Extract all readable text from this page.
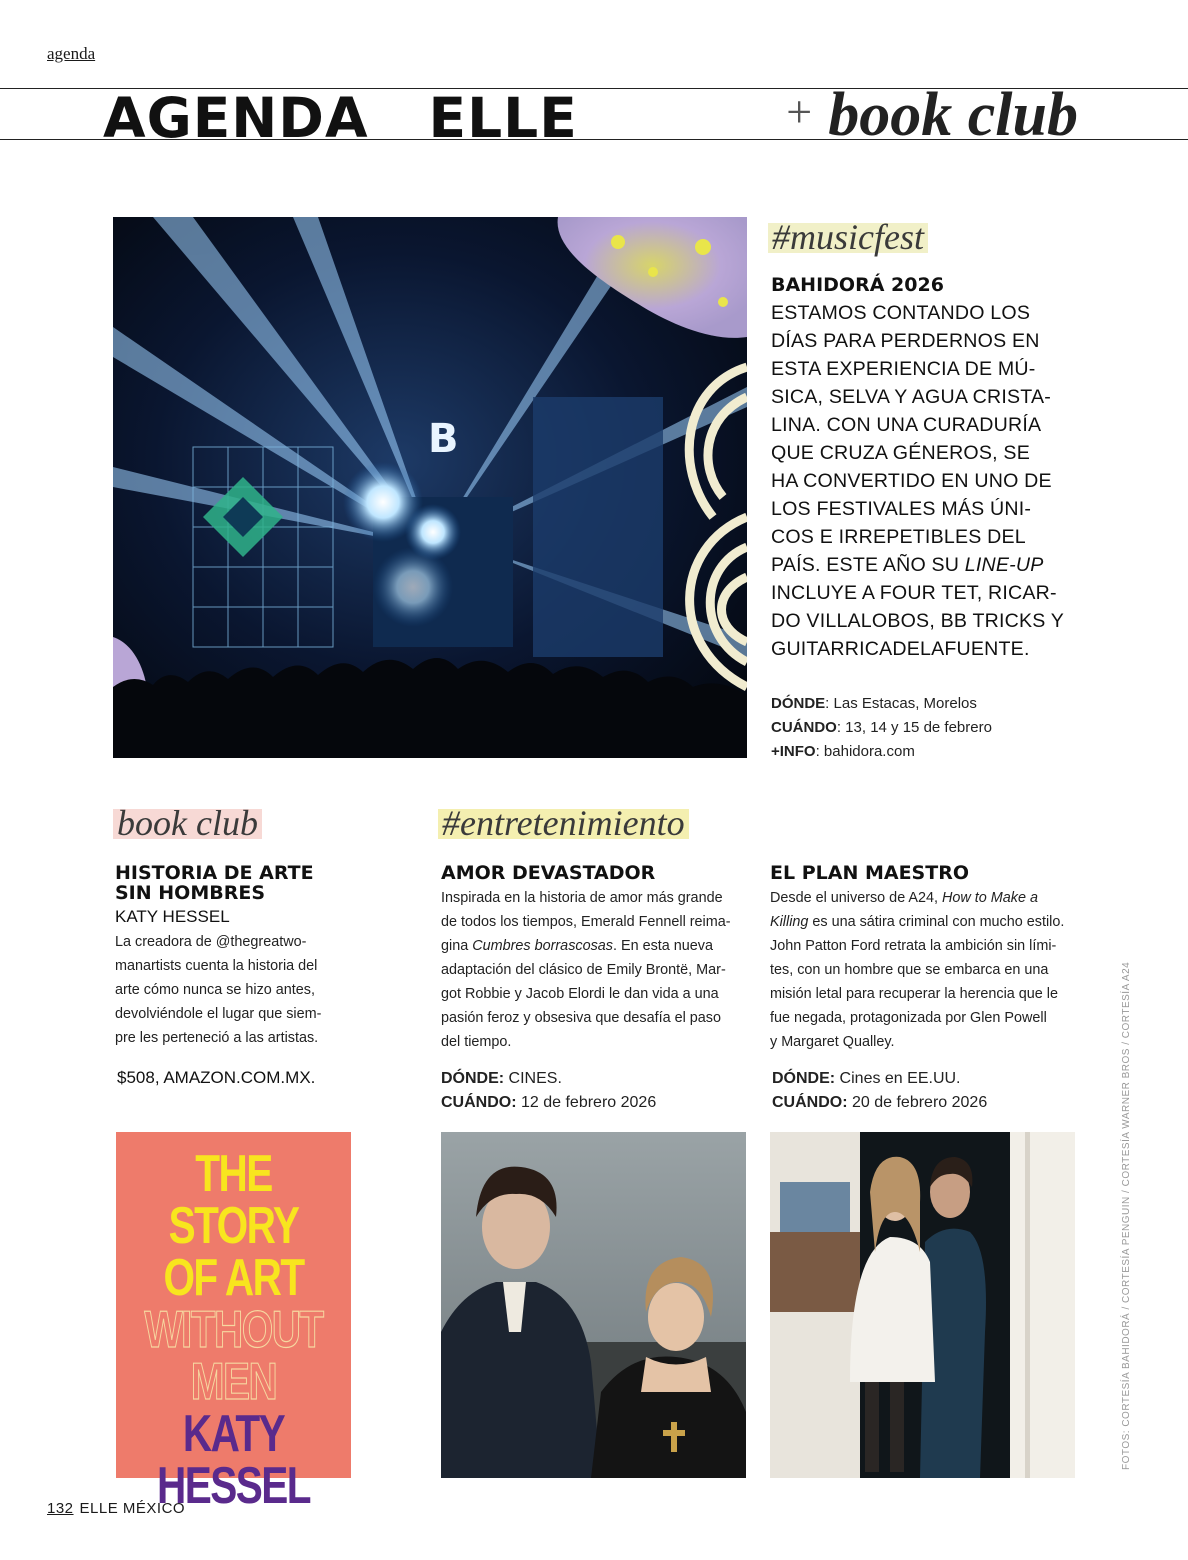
agenda
AGENDA ELLE	+ book club
B
#musicfest
BAHIDORÁ 2026
ESTAMOS CONTANDO LOS
DÍAS PARA PERDERNOS EN
ESTA EXPERIENCIA DE MÚ-
SICA, SELVA Y AGUA CRISTA-
LINA. CON UNA CURADURÍA
QUE CRUZA GÉNEROS, SE
HA CONVERTIDO EN UNO DE
LOS FESTIVALES MÁS ÚNI-
COS E IRREPETIBLES DEL
PAÍS. ESTE AÑO SU LINE-UP
INCLUYE A FOUR TET, RICAR-
DO VILLALOBOS, BB TRICKS Y
GUITARRICADELAFUENTE.
DÓNDE: Las Estacas, Morelos
CUÁNDO: 13, 14 y 15 de febrero
+INFO: bahidora.com
book club
HISTORIA DE ARTE
SIN HOMBRES
KATY HESSEL
La creadora de @thegreatwo-
manartists cuenta la historia del
arte cómo nunca se hizo antes,
devolviéndole el lugar que siem-
pre les perteneció a las artistas.
$508, AMAZON.COM.MX.
THE STORY
OF ART
WITHOUT
MEN
KATY
HESSEL
#entretenimiento
AMOR DEVASTADOR
Inspirada en la historia de amor más grande
de todos los tiempos, Emerald Fennell reima-
gina Cumbres borrascosas. En esta nueva
adaptación del clásico de Emily Brontë, Mar-
got Robbie y Jacob Elordi le dan vida a una
pasión feroz y obsesiva que desafía el paso
del tiempo.
DÓNDE: CINES.
CUÁNDO: 12 de febrero 2026
EL PLAN MAESTRO
Desde el universo de A24, How to Make a
Killing es una sátira criminal con mucho estilo.
John Patton Ford retrata la ambición sin lími-
tes, con un hombre que se embarca en una
misión letal para recuperar la herencia que le
fue negada, protagonizada por Glen Powell
y Margaret Qualley.
DÓNDE: Cines en EE.UU.
CUÁNDO: 20 de febrero 2026	FOTOS: CORTESÍA BAHIDORÁ / CORTESÍA PENGUIN / CORTESÍA WARNER BROS / CORTESÍA A24
132 ELLE MÉXICO
